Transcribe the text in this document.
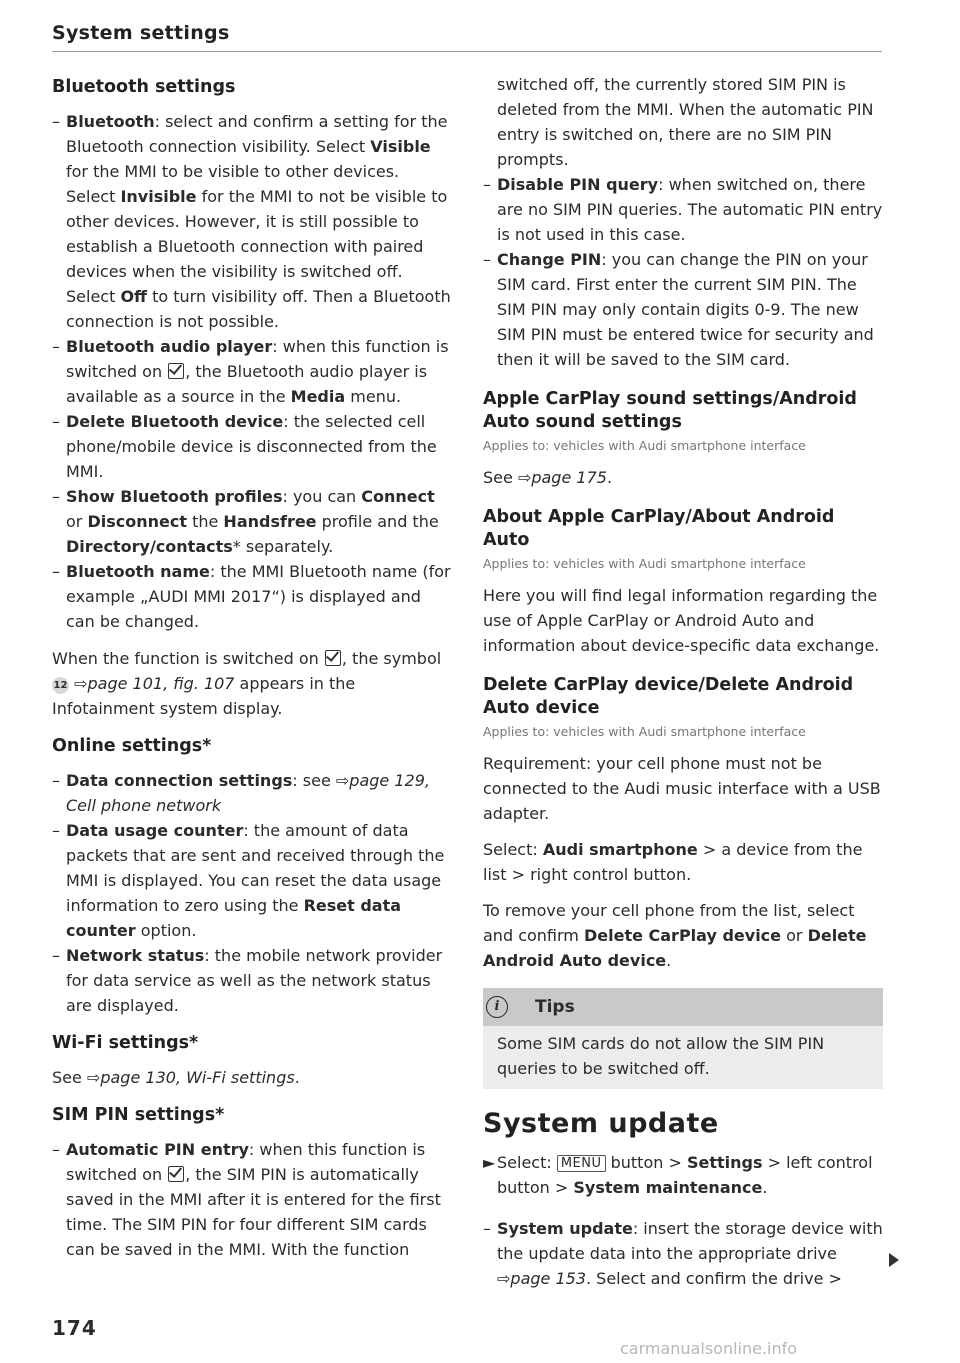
System settings
Bluetooth settings
– Bluetooth: select and confirm a setting for the Bluetooth connection visibility. Select Visible for the MMI to be visible to other devices. Select Invisible for the MMI to not be visible to other devices. However, it is still possible to establish a Bluetooth connection with paired devices when the visibility is switched off. Select Off to turn visibility off. Then a Bluetooth connection is not possible.
– Bluetooth audio player: when this function is switched on , the Bluetooth audio player is available as a source in the Media menu.
– Delete Bluetooth device: the selected cell phone/mobile device is disconnected from the MMI.
– Show Bluetooth profiles: you can Connect or Disconnect the Handsfree profile and the Directory/contacts* separately.
– Bluetooth name: the MMI Bluetooth name (for example „AUDI MMI 2017“) is displayed and can be changed.

When the function is switched on , the symbol 12 ⇨page 101, fig. 107 appears in the Infotainment system display.

Online settings*
– Data connection settings: see ⇨page 129, Cell phone network
– Data usage counter: the amount of data packets that are sent and received through the MMI is displayed. You can reset the data usage information to zero using the Reset data counter option.
– Network status: the mobile network provider for data service as well as the network status are displayed.
Wi-Fi settings*

See ⇨page 130, Wi-Fi settings.

SIM PIN settings*
– Automatic PIN entry: when this function is switched on , the SIM PIN is automatically saved in the MMI after it is entered for the first time. The SIM PIN for four different SIM cards can be saved in the MMI. With the function

switched off, the currently stored SIM PIN is deleted from the MMI. When the automatic PIN entry is switched on, there are no SIM PIN prompts.

– Disable PIN query: when switched on, there are no SIM PIN queries. The automatic PIN entry is not used in this case.
– Change PIN: you can change the PIN on your SIM card. First enter the current SIM PIN. The SIM PIN may only contain digits 0-9. The new SIM PIN must be entered twice for security and then it will be saved to the SIM card.
Apple CarPlay sound settings/Android Auto sound settings

Applies to: vehicles with Audi smartphone interface

See ⇨page 175.

About Apple CarPlay/About Android Auto

Applies to: vehicles with Audi smartphone interface

Here you will find legal information regarding the use of Apple CarPlay or Android Auto and information about device-specific data exchange.

Delete CarPlay device/Delete Android Auto device

Applies to: vehicles with Audi smartphone interface

Requirement: your cell phone must not be connected to the Audi music interface with a USB adapter.

Select: Audi smartphone > a device from the list > right control button.

To remove your cell phone from the list, select and confirm Delete CarPlay device or Delete Android Auto device.

i	Tips

Some SIM cards do not allow the SIM PIN queries to be switched off.

System update

► Select: MENU button > Settings > left control button > System maintenance.
– System update: insert the storage device with the update data into the appropriate drive ⇨page 153. Select and confirm the drive >
174
carmanualsonline.info
